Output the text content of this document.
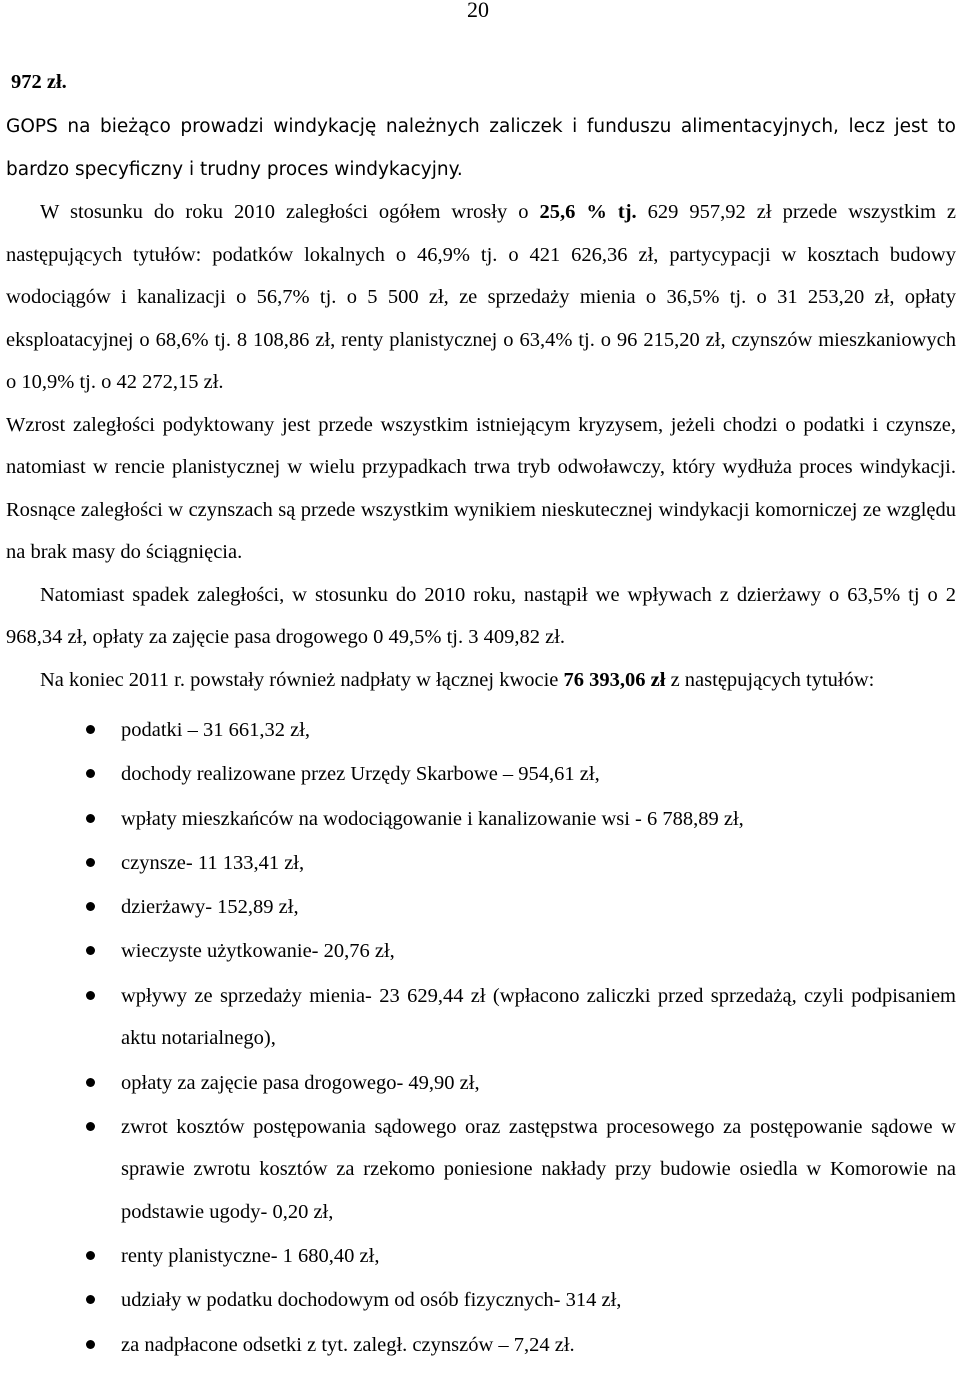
20

972 zł.

GOPS na bieżąco prowadzi windykację należnych zaliczek i funduszu alimentacyjnych, lecz jest to bardzo specyficzny i trudny proces windykacyjny.

W stosunku do roku 2010 zaległości ogółem wrosły o 25,6 % tj. 629 957,92 zł przede wszystkim z następujących tytułów: podatków lokalnych o 46,9% tj. o 421 626,36 zł, partycypacji w kosztach budowy wodociągów i kanalizacji o 56,7% tj. o 5 500 zł, ze sprzedaży mienia o 36,5% tj. o 31 253,20 zł, opłaty eksploatacyjnej o 68,6% tj. 8 108,86 zł, renty planistycznej o 63,4% tj. o 96 215,20 zł, czynszów mieszkaniowych o 10,9% tj. o 42 272,15 zł.

Wzrost zaległości podyktowany jest przede wszystkim istniejącym kryzysem, jeżeli chodzi o podatki i czynsze, natomiast w rencie planistycznej w wielu przypadkach trwa tryb odwoławczy, który wydłuża proces windykacji. Rosnące zaległości w czynszach są przede wszystkim wynikiem nieskutecznej windykacji komorniczej ze względu na brak masy do ściągnięcia.

Natomiast spadek zaległości, w stosunku do 2010 roku, nastąpił we wpływach z dzierżawy o 63,5% tj o 2 968,34 zł, opłaty za zajęcie pasa drogowego 0 49,5% tj. 3 409,82 zł.

Na koniec 2011 r. powstały również nadpłaty w łącznej kwocie 76 393,06 zł z następujących tytułów:

podatki – 31 661,32 zł,
dochody realizowane przez Urzędy Skarbowe – 954,61 zł,
wpłaty mieszkańców na wodociągowanie i kanalizowanie wsi - 6 788,89 zł,
czynsze- 11 133,41 zł,
dzierżawy- 152,89 zł,
wieczyste użytkowanie- 20,76 zł,
wpływy ze sprzedaży mienia- 23 629,44 zł (wpłacono zaliczki przed sprzedażą, czyli podpisaniem aktu notarialnego),
opłaty za zajęcie pasa drogowego- 49,90 zł,
zwrot kosztów postępowania sądowego oraz zastępstwa procesowego za postępowanie sądowe w sprawie zwrotu kosztów za rzekomo poniesione nakłady przy budowie osiedla w Komorowie na podstawie ugody- 0,20 zł,
renty planistyczne- 1 680,40 zł,
udziały w podatku dochodowym od osób fizycznych- 314 zł,
za nadpłacone odsetki z tyt. zaległ. czynszów – 7,24 zł.
